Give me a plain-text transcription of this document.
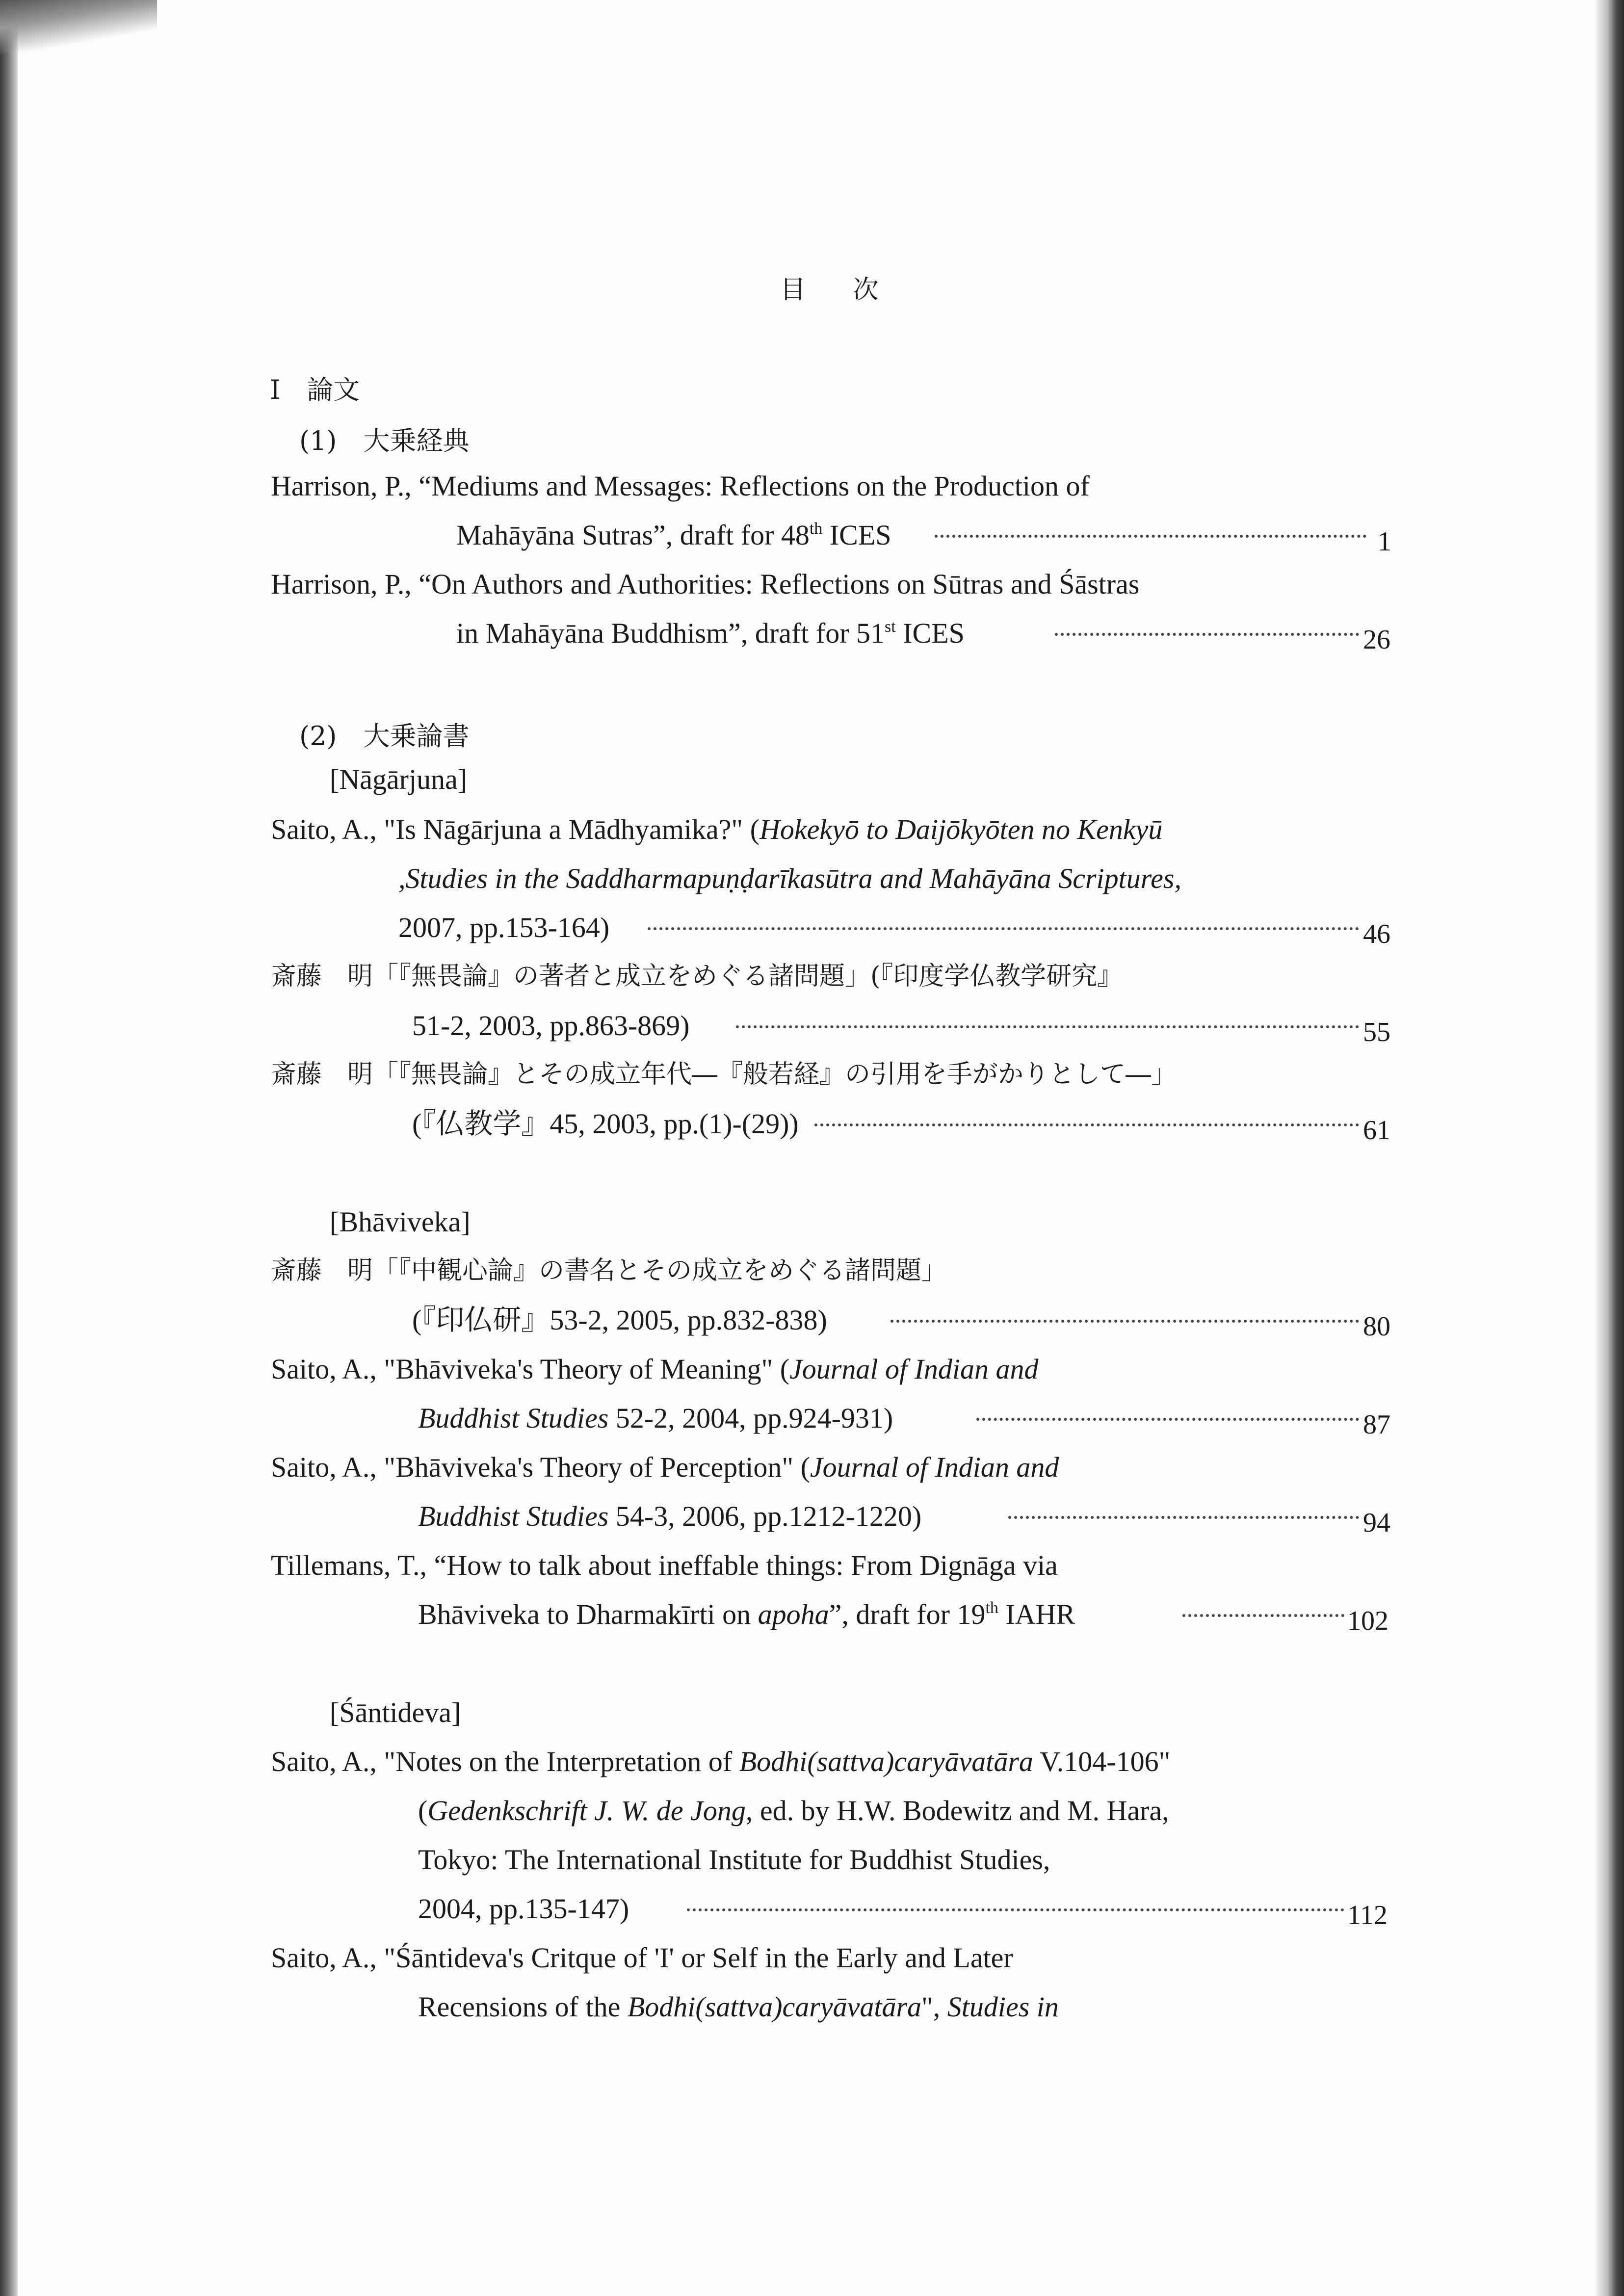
目 次
I　論文
(1)　大乗経典
Harrison, P., “Mediums and Messages: Reflections on the Production of
Mahāyāna Sutras”, draft for 48th ICES	1
Harrison, P., “On Authors and Authorities: Reflections on Sūtras and Śāstras
in Mahāyāna Buddhism”, draft for 51st ICES	26
(2)　大乗論書
[Nāgārjuna]
Saito, A., "Is Nāgārjuna a Mādhyamika?" (Hokekyō to Daijōkyōten no Kenkyū
,Studies in the Saddharmapuṇḍarīkasūtra and Mahāyāna Scriptures,
2007, pp.153-164)	46
斎藤　明「『無畏論』の著者と成立をめぐる諸問題」(『印度学仏教学研究』
51-2, 2003, pp.863-869)	55
斎藤　明「『無畏論』とその成立年代―『般若経』の引用を手がかりとして―」
(『仏教学』45, 2003, pp.(1)-(29))	61
[Bhāviveka]
斎藤　明「『中観心論』の書名とその成立をめぐる諸問題」
(『印仏研』53-2, 2005, pp.832-838)	80
Saito, A., "Bhāviveka's Theory of Meaning" (Journal of Indian and
Buddhist Studies 52-2, 2004, pp.924-931)	87
Saito, A., "Bhāviveka's Theory of Perception" (Journal of Indian and
Buddhist Studies 54-3, 2006, pp.1212-1220)	94
Tillemans, T., “How to talk about ineffable things: From Dignāga via
Bhāviveka to Dharmakīrti on apoha”, draft for 19th IAHR	102
[Śāntideva]
Saito, A., "Notes on the Interpretation of Bodhi(sattva)caryāvatāra V.104-106"
(Gedenkschrift J. W. de Jong, ed. by H.W. Bodewitz and M. Hara,
Tokyo: The International Institute for Buddhist Studies,
2004, pp.135-147)	112
Saito, A., "Śāntideva's Critque of 'I' or Self in the Early and Later
Recensions of the Bodhi(sattva)caryāvatāra", Studies in
